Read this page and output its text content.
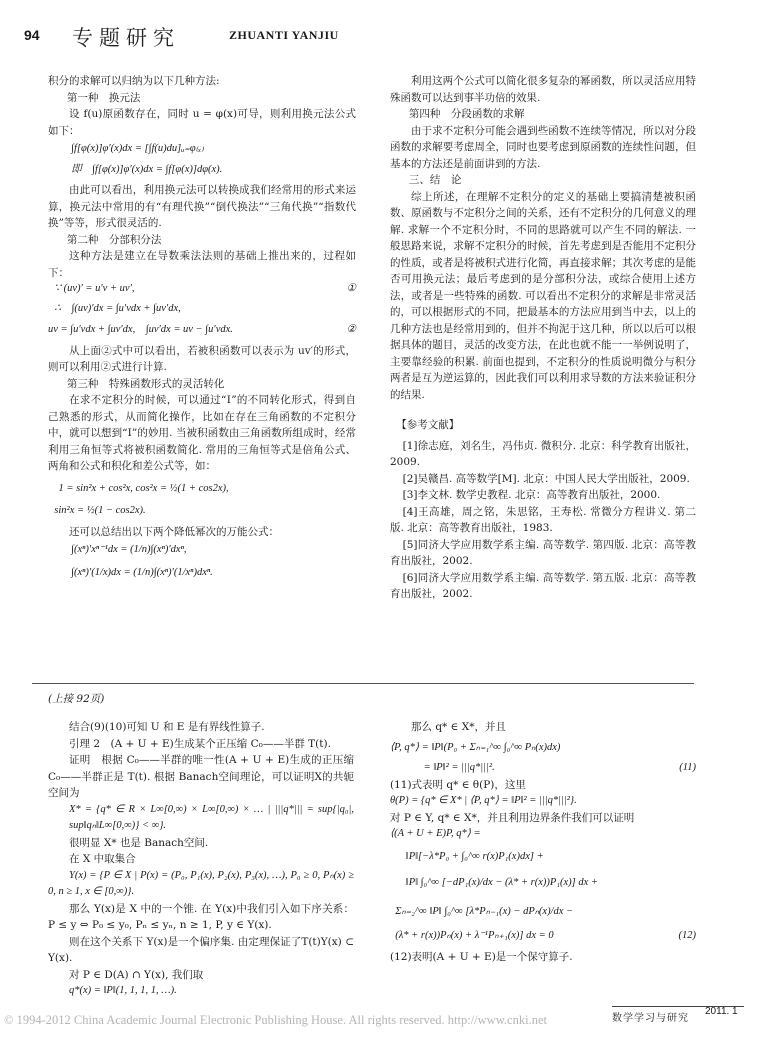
94 专题研究	ZHUANTI YANJIU

积分的求解可以归纳为以下几种方法:

第一种　换元法

设 f(u)原函数存在，同时 u = φ(x)可导，则利用换元法公式如下：

∫f[φ(x)]φ′(x)dx = [∫f(u)du]ᵤ₌φ₍ₓ₎

即　∫f[φ(x)]φ′(x)dx = ∫f[φ(x)]dφ(x).

由此可以看出，利用换元法可以转换成我们经常用的形式来运算，换元法中常用的有“有理代换”“倒代换法”“三角代换”“指数代换”等等，形式很灵活的.

第二种　分部积分法

这种方法是建立在导数乘法法则的基础上推出来的，过程如下：

∵ (uv)′ = u′v + uv′,	①

∴　∫(uv)′dx = ∫u′vdx + ∫uv′dx,

uv = ∫u′vdx + ∫uv′dx,　∫uv′dx = uv − ∫u′vdx.	②

从上面②式中可以看出，若被积函数可以表示为 uv′的形式，则可以利用②式进行计算.

第三种　特殊函数形式的灵活转化

在求不定积分的时候，可以通过“Ⅰ”的不同转化形式，得到自己熟悉的形式，从而简化操作，比如在存在三角函数的不定积分中，就可以想到“Ⅰ”的妙用. 当被积函数由三角函数所组成时，经常利用三角恒等式将被积函数简化. 常用的三角恒等式是倍角公式、两角和公式和积化和差公式等，如：

1 = sin²x + cos²x, cos²x = ½(1 + cos2x),

sin²x = ½(1 − cos2x).

还可以总结出以下两个降低幂次的万能公式：

∫(xⁿ)′xⁿ⁻¹dx = (1/n)∫(xⁿ)′dxⁿ,

∫(xⁿ)′(1/x)dx = (1/n)∫(xⁿ)′(1/xⁿ)dxⁿ.

利用这两个公式可以简化很多复杂的幂函数，所以灵活应用特殊函数可以达到事半功倍的效果.

第四种　分段函数的求解

由于求不定积分可能会遇到些函数不连续等情况，所以对分段函数的求解要考虑周全，同时也要考虑到原函数的连续性问题，但基本的方法还是前面讲到的方法.

三、结　论

综上所述，在理解不定积分的定义的基础上要搞清楚被积函数、原函数与不定积分之间的关系，还有不定积分的几何意义的理解. 求解一个不定积分时，不同的思路就可以产生不同的解法. 一般思路来说，求解不定积分的时候，首先考虑到是否能用不定积分的性质，或者是将被积式进行化简，再直接求解；其次考虑的是能否可用换元法；最后考虑到的是分部积分法，或综合使用上述方法，或者是一些特殊的函数. 可以看出不定积分的求解是非常灵活的，可以根据形式的不同，把最基本的方法应用到当中去，以上的几种方法也是经常用到的，但并不拘泥于这几种，所以以后可以根据具体的题目，灵活的改变方法，在此也就不能一一举例说明了，主要靠经验的积累. 前面也提到，不定积分的性质说明微分与积分两者是互为逆运算的，因此我们可以利用求导数的方法来验证积分的结果.

【参考文献】

[1]徐志庭，刘名生，冯伟贞. 微积分. 北京：科学教育出版社，2009.

[2]吴赣昌. 高等数学[M]. 北京：中国人民大学出版社，2009.

[3]李文林. 数学史教程. 北京：高等教育出版社，2000.

[4]王高雄，周之铭，朱思铭，王寿松. 常微分方程讲义. 第二版. 北京：高等教育出版社，1983.

[5]同济大学应用数学系主编. 高等数学. 第四版. 北京：高等教育出版社，2002.

[6]同济大学应用数学系主编. 高等数学. 第五版. 北京：高等教育出版社，2002.

(上接 92页)

结合(9)(10)可知 U 和 E 是有界线性算子.

引理 2　(A + U + E)生成某个正压缩 C₀——半群 T(t).

证明　根据 C₀——半群的唯一性(A + U + E)生成的正压缩 C₀——半群正是 T(t). 根据 Banach空间理论，可以证明X的共轭空间为

X* = {q* ∈ R × L∞[0,∞) × L∞[0,∞) × … | |||q*||| = sup{|q₀|, sup‖qₙ‖L∞[0,∞)} < ∞}.

很明显 X* 也是 Banach空间.

在 X 中取集合

Y(x) = {P ∈ X | P(x) = (P₀, P₁(x), P₂(x), P₃(x), …), P₀ ≥ 0, Pₙ(x) ≥ 0, n ≥ 1, x ∈ [0,∞)}.

那么 Y(x)是 X 中的一个锥. 在 Y(x)中我们引入如下序关系：P ≤ y ⇔ P₀ ≤ y₀, Pₙ ≤ yₙ, n ≥ 1, P, y ∈ Y(x).

则在这个关系下 Y(x)是一个偏序集. 由定理保证了T(t)Y(x) ⊂ Y(x).

对 P ∈ D(A) ∩ Y(x), 我们取

q*(x) = ‖P‖(1, 1, 1, 1, …).

那么 q* ∈ X*，并且

⟨P, q*⟩ = ‖P‖(P₀ + Σₙ₌₁^∞ ∫₀^∞ Pₙ(x)dx)

= ‖P‖² = |||q*|||².	(11)

(11)式表明 q* ∈ θ(P)，这里

θ(P) = {q* ∈ X* | ⟨P, q*⟩ = ‖P‖² = |||q*|||²}.

对 P ∈ Y, q* ∈ X*，并且利用边界条件我们可以证明

⟨(A + U + E)P, q*⟩ =

‖P‖[−λ*P₀ + ∫₀^∞ r(x)P₁(x)dx] +

‖P‖ ∫₀^∞ [−dP₁(x)/dx − (λ* + r(x))P₁(x)] dx +

Σₙ₌₂^∞ ‖P‖ ∫₀^∞ [λ*Pₙ₋₁(x) − dPₙ(x)/dx −

(λ* + r(x))Pₙ(x) + λ⁻¹Pₙ₊₁(x)] dx = 0	(12)

(12)表明(A + U + E)是一个保守算子.

数学学习与研究
2011. 1
© 1994-2012 China Academic Journal Electronic Publishing House. All rights reserved. http://www.cnki.net
